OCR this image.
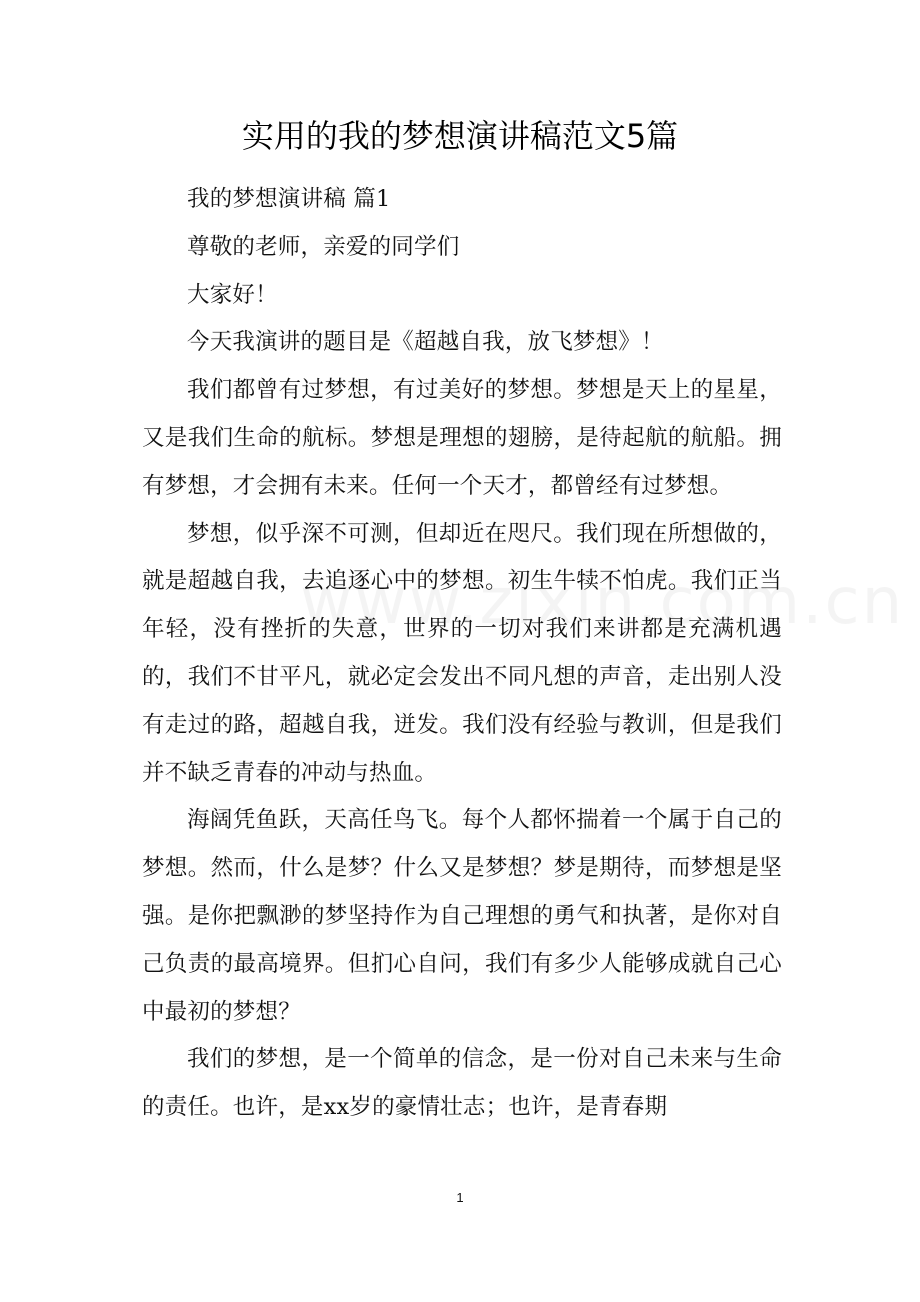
实用的我的梦想演讲稿范文5篇

我的梦想演讲稿 篇1

尊敬的老师，亲爱的同学们

大家好！

今天我演讲的题目是《超越自我，放飞梦想》！

我们都曾有过梦想，有过美好的梦想。梦想是天上的星星，又是我们生命的航标。梦想是理想的翅膀，是待起航的航船。拥有梦想，才会拥有未来。任何一个天才，都曾经有过梦想。

梦想，似乎深不可测，但却近在咫尺。我们现在所想做的，就是超越自我，去追逐心中的梦想。初生牛犊不怕虎。我们正当年轻，没有挫折的失意，世界的一切对我们来讲都是充满机遇的，我们不甘平凡，就必定会发出不同凡想的声音，走出别人没有走过的路，超越自我，迸发。我们没有经验与教训，但是我们并不缺乏青春的冲动与热血。

海阔凭鱼跃，天高任鸟飞。每个人都怀揣着一个属于自己的梦想。然而，什么是梦？什么又是梦想？梦是期待，而梦想是坚强。是你把飘渺的梦坚持作为自己理想的勇气和执著，是你对自己负责的最高境界。但扪心自问，我们有多少人能够成就自己心中最初的梦想？

我们的梦想，是一个简单的信念，是一份对自己未来与生命的责任。也许，是xx岁的豪情壮志；也许，是青春期

1
